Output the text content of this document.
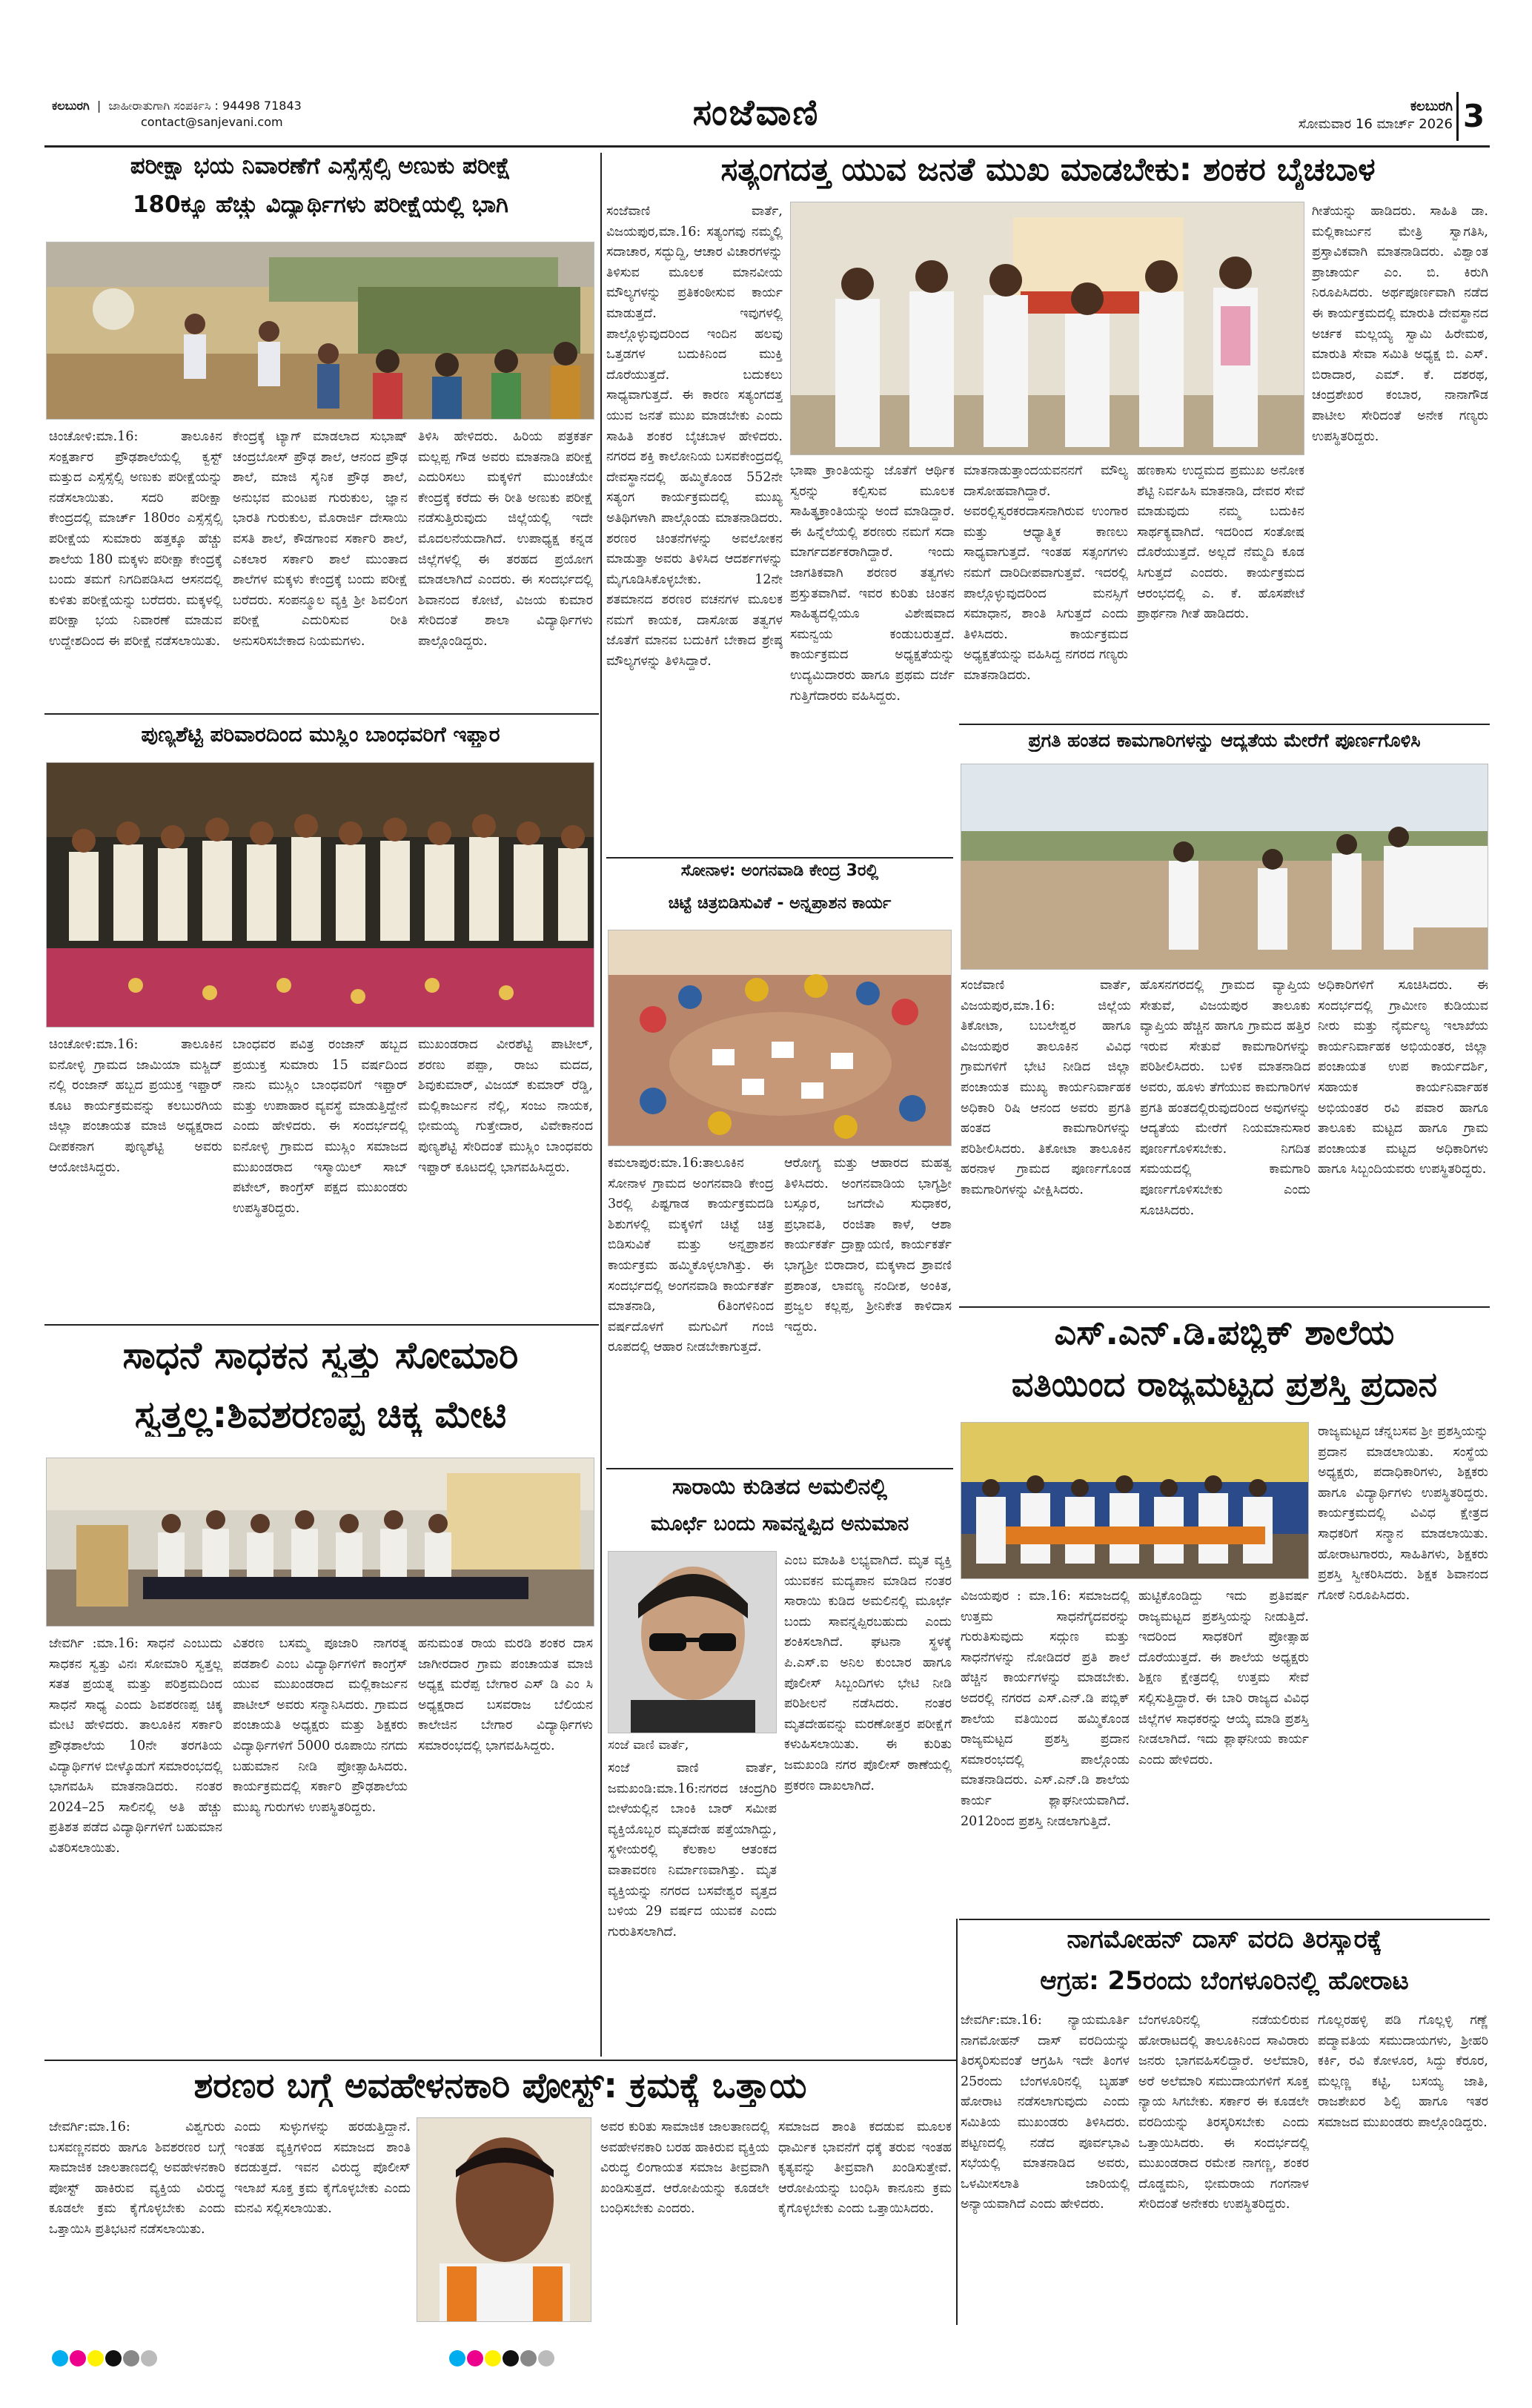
ಕಲಬುರಗಿ  |  ಜಾಹೀರಾತುಗಾಗಿ ಸಂಪರ್ಕಿಸಿ : 94498 71843
contact@sanjevani.com	ಸಂಜೆವಾಣಿ	ಕಲಬುರಗಿ
ಸೋಮವಾರ 16 ಮಾರ್ಚ್ 2026 3
ಪರೀಕ್ಷಾ ಭಯ ನಿವಾರಣೆಗೆ ಎಸ್ಸೆಸ್ಸೆಲ್ಸಿ ಅಣುಕು ಪರೀಕ್ಷೆ
180ಕ್ಕೂ ಹೆಚ್ಚು ವಿದ್ಯಾರ್ಥಿಗಳು ಪರೀಕ್ಷೆಯಲ್ಲಿ ಭಾಗಿ
ಚಿಂಚೋಳಿ:ಮಾ.16: ತಾಲೂಕಿನ ಸಂಕ್ಷರ್ತಾರ ಪ್ರೌಢಶಾಲೆಯಲ್ಲಿ ಕ್ವಸ್ಟ್ ಮತ್ತುದ ಎಸ್ಸೆಸ್ಸೆಲ್ಸಿ ಅಣುಕು ಪರೀಕ್ಷೆಯನ್ನು ನಡೆಸಲಾಯಿತು. ಸದರಿ ಪರೀಕ್ಷಾ ಕೇಂದ್ರದಲ್ಲಿ ಮಾರ್ಚ್ 180ರಂ ಎಸ್ಸೆಸ್ಸೆಲ್ಸಿ ಪರೀಕ್ಷೆಯ ಸುಮಾರು ಹತ್ತಕ್ಕೂ ಹೆಚ್ಚು ಶಾಲೆಯ 180 ಮಕ್ಕಳು ಪರೀಕ್ಷಾ ಕೇಂದ್ರಕ್ಕೆ ಬಂದು ತಮಗೆ ನಿಗದಿಪಡಿಸಿದ ಆಸನದಲ್ಲಿ ಕುಳಿತು ಪರೀಕ್ಷೆಯನ್ನು ಬರೆದರು. ಮಕ್ಕಳಲ್ಲಿ ಪರೀಕ್ಷಾ ಭಯ ನಿವಾರಣೆ ಮಾಡುವ ಉದ್ದೇಶದಿಂದ ಈ ಪರೀಕ್ಷೆ ನಡೆಸಲಾಯಿತು.
ಕೇಂದ್ರಕ್ಕೆ ಟ್ಯಾಗ್ ಮಾಡಲಾದ ಸುಭಾಷ್ ಚಂದ್ರಬೋಸ್ ಪ್ರೌಢ ಶಾಲೆ, ಆನಂದ ಪ್ರೌಢ ಶಾಲೆ, ಮಾಜಿ ಸೈನಿಕ ಪ್ರೌಢ ಶಾಲೆ, ಅನುಭವ ಮಂಟಪ ಗುರುಕುಲ, ಜ್ಞಾನ ಭಾರತಿ ಗುರುಕುಲ, ಮೊರಾರ್ಜಿ ದೇಸಾಯಿ ವಸತಿ ಶಾಲೆ, ಕೌಡಗಾಂವ ಸರ್ಕಾರಿ ಶಾಲೆ, ಎಕಲಾರ ಸರ್ಕಾರಿ ಶಾಲೆ ಮುಂತಾದ ಶಾಲೆಗಳ ಮಕ್ಕಳು ಕೇಂದ್ರಕ್ಕೆ ಬಂದು ಪರೀಕ್ಷೆ ಬರೆದರು. ಸಂಪನ್ಮೂಲ ವ್ಯಕ್ತಿ ಶ್ರೀ ಶಿವಲಿಂಗ ಪರೀಕ್ಷೆ ಎದುರಿಸುವ ರೀತಿ ಅನುಸರಿಸಬೇಕಾದ ನಿಯಮಗಳು.
ತಿಳಿಸಿ ಹೇಳಿದರು. ಹಿರಿಯ ಪತ್ರಕರ್ತ ಮಲ್ಲಪ್ಪ ಗೌಡ ಅವರು ಮಾತನಾಡಿ ಪರೀಕ್ಷೆ ಎದುರಿಸಲು ಮಕ್ಕಳಿಗೆ ಮುಂಚೆಯೇ ಕೇಂದ್ರಕ್ಕೆ ಕರೆದು ಈ ರೀತಿ ಅಣುಕು ಪರೀಕ್ಷೆ ನಡೆಸುತ್ತಿರುವುದು ಜಿಲ್ಲೆಯಲ್ಲಿ ಇದೇ ಮೊದಲನೆಯದಾಗಿದೆ. ಉಪಾಧ್ಯಕ್ಷ ಕನ್ನಡ ಜಿಲ್ಲೆಗಳಲ್ಲಿ ಈ ತರಹದ ಪ್ರಯೋಗ ಮಾಡಲಾಗಿದೆ ಎಂದರು. ಈ ಸಂದರ್ಭದಲ್ಲಿ ಶಿವಾನಂದ ಕೋಟೆ, ವಿಜಯ ಕುಮಾರ ಸೇರಿದಂತೆ ಶಾಲಾ ವಿದ್ಯಾರ್ಥಿಗಳು ಪಾಲ್ಗೊಂಡಿದ್ದರು.
ಪುಣ್ಯಶೆಟ್ಟಿ ಪರಿವಾರದಿಂದ ಮುಸ್ಲಿಂ ಬಾಂಧವರಿಗೆ ಇಫ್ತಾರ
ಚಿಂಚೋಳಿ:ಮಾ.16: ತಾಲೂಕಿನ ಐನೋಳ್ಳಿ ಗ್ರಾಮದ ಜಾಮಿಯಾ ಮಸ್ಜಿದ್ ನಲ್ಲಿ ರಂಜಾನ್ ಹಬ್ಬದ ಪ್ರಯುಕ್ತ ಇಫ್ತಾರ್ ಕೂಟ ಕಾರ್ಯಕ್ರಮವನ್ನು ಕಲಬುರಗಿಯ ಜಿಲ್ಲಾ ಪಂಚಾಯತ ಮಾಜಿ ಅಧ್ಯಕ್ಷರಾದ ದೀಪಕನಾಗ ಪುಣ್ಯಶೆಟ್ಟಿ ಅವರು ಆಯೋಜಿಸಿದ್ದರು.
ಬಾಂಧವರ ಪವಿತ್ರ ರಂಜಾನ್ ಹಬ್ಬದ ಪ್ರಯುಕ್ತ ಸುಮಾರು 15 ವರ್ಷದಿಂದ ನಾನು ಮುಸ್ಲಿಂ ಬಾಂಧವರಿಗೆ ಇಫ್ತಾರ್ ಮತ್ತು ಉಪಾಹಾರ ವ್ಯವಸ್ಥೆ ಮಾಡುತ್ತಿದ್ದೇನೆ ಎಂದು ಹೇಳಿದರು. ಈ ಸಂದರ್ಭದಲ್ಲಿ ಐನೋಳ್ಳಿ ಗ್ರಾಮದ ಮುಸ್ಲಿಂ ಸಮಾಜದ ಮುಖಂಡರಾದ ಇಸ್ಮಾಯಿಲ್ ಸಾಬ್ ಪಟೇಲ್, ಕಾಂಗ್ರೆಸ್ ಪಕ್ಷದ ಮುಖಂಡರು ಉಪಸ್ಥಿತರಿದ್ದರು.
ಮುಖಂಡರಾದ ವೀರಶೆಟ್ಟಿ ಪಾಟೀಲ್, ಶರಣು ಪಪ್ಪಾ, ರಾಜು ಮದದ, ಶಿವುಕುಮಾರ್, ವಿಜಯ್ ಕುಮಾರ್ ರೆಡ್ಡಿ, ಮಲ್ಲಿಕಾರ್ಜುನ ನೆಲ್ಲಿ, ಸಂಜು ನಾಯಕ, ಭೀಮಯ್ಯ ಗುತ್ತೇದಾರ, ವಿವೇಕಾನಂದ ಪುಣ್ಯಶೆಟ್ಟಿ ಸೇರಿದಂತೆ ಮುಸ್ಲಿಂ ಬಾಂಧವರು ಇಫ್ತಾರ್ ಕೂಟದಲ್ಲಿ ಭಾಗವಹಿಸಿದ್ದರು.
ಸಾಧನೆ ಸಾಧಕನ ಸ್ವತ್ತು ಸೋಮಾರಿ
ಸ್ವತ್ತಲ್ಲ:ಶಿವಶರಣಪ್ಪ ಚಿಕ್ಕ ಮೇಟಿ
ಜೇವರ್ಗಿ :ಮಾ.16: ಸಾಧನೆ ಎಂಬುದು ಸಾಧಕನ ಸ್ವತ್ತು ವಿನಃ ಸೋಮಾರಿ ಸ್ವತ್ತಲ್ಲ ಸತತ ಪ್ರಯತ್ನ ಮತ್ತು ಪರಿಶ್ರಮದಿಂದ ಸಾಧನೆ ಸಾಧ್ಯ ಎಂದು ಶಿವಶರಣಪ್ಪ ಚಿಕ್ಕ ಮೇಟಿ ಹೇಳಿದರು. ತಾಲೂಕಿನ ಸರ್ಕಾರಿ ಪ್ರೌಢಶಾಲೆಯ 10ನೇ ತರಗತಿಯ ವಿದ್ಯಾರ್ಥಿಗಳ ಬೀಳ್ಕೊಡುಗೆ ಸಮಾರಂಭದಲ್ಲಿ ಭಾಗವಹಿಸಿ ಮಾತನಾಡಿದರು. ನಂತರ 2024–25 ಸಾಲಿನಲ್ಲಿ ಅತಿ ಹೆಚ್ಚು ಪ್ರತಿಶತ ಪಡೆದ ವಿದ್ಯಾರ್ಥಿಗಳಿಗೆ ಬಹುಮಾನ ವಿತರಿಸಲಾಯಿತು.
ವಿತರಣ ಬಸಮ್ಮ ಪೂಜಾರಿ ನಾಗರತ್ನ ಪಡಶಾಲಿ ಎಂಬ ವಿದ್ಯಾರ್ಥಿಗಳಿಗೆ ಕಾಂಗ್ರೆಸ್ ಯುವ ಮುಖಂಡರಾದ ಮಲ್ಲಿಕಾರ್ಜುನ ಪಾಟೀಲ್ ಅವರು ಸನ್ಮಾನಿಸಿದರು. ಗ್ರಾಮದ ಪಂಚಾಯತಿ ಅಧ್ಯಕ್ಷರು ಮತ್ತು ಶಿಕ್ಷಕರು ವಿದ್ಯಾರ್ಥಿಗಳಿಗೆ 5000 ರೂಪಾಯಿ ನಗದು ಬಹುಮಾನ ನೀಡಿ ಪ್ರೋತ್ಸಾಹಿಸಿದರು. ಕಾರ್ಯಕ್ರಮದಲ್ಲಿ ಸರ್ಕಾರಿ ಪ್ರೌಢಶಾಲೆಯ ಮುಖ್ಯ ಗುರುಗಳು ಉಪಸ್ಥಿತರಿದ್ದರು.
ಹನುಮಂತ ರಾಯ ಮರಡಿ ಶಂಕರ ದಾಸ ಜಾಗೀರದಾರ ಗ್ರಾಮ ಪಂಚಾಯತ ಮಾಜಿ ಅಧ್ಯಕ್ಷ ಮರೆಪ್ಪ ಬೇಗಾರ ಎಸ್ ಡಿ ಎಂ ಸಿ ಅಧ್ಯಕ್ಷರಾದ ಬಸವರಾಜ ಬೆಲಿಯನ ಕಾಲೇಜಿನ ಬೇಗಾರ ವಿದ್ಯಾರ್ಥಿಗಳು ಸಮಾರಂಭದಲ್ಲಿ ಭಾಗವಹಿಸಿದ್ದರು.
ಸತ್ಯಂಗದತ್ತ ಯುವ ಜನತೆ ಮುಖ ಮಾಡಬೇಕು: ಶಂಕರ ಬೈಚಬಾಳ
ಸಂಜೆವಾಣಿ ವಾರ್ತೆ, ವಿಜಯಪುರ,ಮಾ.16: ಸತ್ಯಂಗವು ನಮ್ಮಲ್ಲಿ ಸದಾಚಾರ, ಸದ್ಭುದ್ದಿ, ಆಚಾರ ವಿಚಾರಗಳನ್ನು ತಿಳಿಸುವ ಮೂಲಕ ಮಾನವೀಯ ಮೌಲ್ಯಗಳನ್ನು ಪ್ರತಿಕಂಠೀಸುವ ಕಾರ್ಯ ಮಾಡುತ್ತದೆ. ಇವುಗಳಲ್ಲಿ ಪಾಲ್ಗೊಳ್ಳುವುದರಿಂದ ಇಂದಿನ ಹಲವು ಒತ್ತಡಗಳ ಬದುಕಿನಿಂದ ಮುಕ್ತಿ ದೊರೆಯುತ್ತದೆ. ಬದುಕಲು ಸಾಧ್ಯವಾಗುತ್ತದೆ. ಈ ಕಾರಣ ಸತ್ಯಂಗದತ್ತ ಯುವ ಜನತೆ ಮುಖ ಮಾಡಬೇಕು ಎಂದು ಸಾಹಿತಿ ಶಂಕರ ಬೈಚಬಾಳ ಹೇಳಿದರು. ನಗರದ ಶಕ್ತಿ ಕಾಲೋನಿಯ ಬಸವಕೇಂದ್ರದಲ್ಲಿ ದೇವಸ್ಥಾನದಲ್ಲಿ ಹಮ್ಮಿಕೊಂಡ 552ನೇ ಸತ್ಯಂಗ ಕಾರ್ಯಕ್ರಮದಲ್ಲಿ ಮುಖ್ಯ ಅತಿಥಿಗಳಾಗಿ ಪಾಲ್ಗೊಂಡು ಮಾತನಾಡಿದರು. ಶರಣರ ಚಿಂತನೆಗಳನ್ನು ಅವಲೋಕನ ಮಾಡುತ್ತಾ ಅವರು ತಿಳಿಸಿದ ಆದರ್ಶಗಳನ್ನು ಮೈಗೂಡಿಸಿಕೊಳ್ಳಬೇಕು. 12ನೇ ಶತಮಾನದ ಶರಣರ ವಚನಗಳ ಮೂಲಕ ನಮಗೆ ಕಾಯಕ, ದಾಸೋಹ ತತ್ವಗಳ ಜೊತೆಗೆ ಮಾನವ ಬದುಕಿಗೆ ಬೇಕಾದ ಶ್ರೇಷ್ಠ ಮೌಲ್ಯಗಳನ್ನು ತಿಳಿಸಿದ್ದಾರೆ.
ಭಾಷಾ ಕ್ರಾಂತಿಯನ್ನು ಜೊತೆಗೆ ಆರ್ಥಿಕ ಸ್ವರನ್ನು ಕಲ್ಪಿಸುವ ಮೂಲಕ ಸಾಹಿತ್ಯಕ್ರಾಂತಿಯನ್ನು ಅಂದೆ ಮಾಡಿದ್ದಾರೆ. ಈ ಹಿನ್ನೆಲೆಯಲ್ಲಿ ಶರಣರು ನಮಗೆ ಸದಾ ಮಾರ್ಗದರ್ಶಕರಾಗಿದ್ದಾರೆ. ಇಂದು ಜಾಗತಿಕವಾಗಿ ಶರಣರ ತತ್ವಗಳು ಪ್ರಸ್ತುತವಾಗಿವೆ. ಇವರ ಕುರಿತು ಚಿಂತನ ಸಾಹಿತ್ಯದಲ್ಲಿಯೂ ವಿಶೇಷವಾದ ಸಮನ್ವಯ ಕಂಡುಬರುತ್ತದೆ. ಕಾರ್ಯಕ್ರಮದ ಅಧ್ಯಕ್ಷತೆಯನ್ನು ಉದ್ಯಮಿದಾರರು ಹಾಗೂ ಪ್ರಥಮ ದರ್ಜೆ ಗುತ್ತಿಗೆದಾರರು ವಹಿಸಿದ್ದರು.
ಮಾತನಾಡುತ್ತಾಂದಯವನನಗೆ ಮೌಲ್ಯ ದಾಸೋಹವಾಗಿದ್ದಾರೆ. ಅವರಲ್ಲಿಸ್ವರಕರದಾಸನಾಗಿರುವ ಉಂಗಾರ ಮತ್ತು ಆಧ್ಯಾತ್ಮಿಕ ಕಾಣಲು ಸಾಧ್ಯವಾಗುತ್ತದೆ. ಇಂತಹ ಸತ್ಸಂಗಗಳು ನಮಗೆ ದಾರಿದೀಪವಾಗುತ್ತವೆ. ಇದರಲ್ಲಿ ಪಾಲ್ಗೊಳ್ಳುವುದರಿಂದ ಮನಸ್ಸಿಗೆ ಸಮಾಧಾನ, ಶಾಂತಿ ಸಿಗುತ್ತದೆ ಎಂದು ತಿಳಿಸಿದರು. ಕಾರ್ಯಕ್ರಮದ ಅಧ್ಯಕ್ಷತೆಯನ್ನು ವಹಿಸಿದ್ದ ನಗರದ ಗಣ್ಯರು ಮಾತನಾಡಿದರು.
ಹಣಕಾಸು ಉದ್ದಮದ ಪ್ರಮುಖ ಅನೋಕ ಶೆಟ್ಟಿ ನಿರ್ವಹಿಸಿ ಮಾತನಾಡಿ, ದೇವರ ಸೇವೆ ಮಾಡುವುದು ನಮ್ಮ ಬದುಕಿನ ಸಾರ್ಥಕ್ಯವಾಗಿದೆ. ಇದರಿಂದ ಸಂತೋಷ ದೊರೆಯುತ್ತದೆ. ಅಲ್ಲದೆ ನೆಮ್ಮದಿ ಕೂಡ ಸಿಗುತ್ತದೆ ಎಂದರು. ಕಾರ್ಯಕ್ರಮದ ಆರಂಭದಲ್ಲಿ ಎ. ಕೆ. ಹೊಸಪೇಟೆ ಪ್ರಾರ್ಥನಾ ಗೀತೆ ಹಾಡಿದರು.
ಗೀತೆಯನ್ನು ಹಾಡಿದರು. ಸಾಹಿತಿ ಡಾ. ಮಲ್ಲಿಕಾರ್ಜುನ ಮೇತ್ರಿ ಸ್ವಾಗತಿಸಿ, ಪ್ರಸ್ತಾವಿಕವಾಗಿ ಮಾತನಾಡಿದರು. ವಿಶ್ವಾಂತ ಪ್ರಾಚಾರ್ಯ ಎಂ. ಬಿ. ಕಿರುಗಿ ನಿರೂಪಿಸಿದರು. ಅರ್ಥಪೂರ್ಣವಾಗಿ ನಡೆದ ಈ ಕಾರ್ಯಕ್ರಮದಲ್ಲಿ ಮಾರುತಿ ದೇವಸ್ಥಾನದ ಅರ್ಚಕ ಮಲ್ಲಯ್ಯ ಸ್ವಾಮಿ ಹಿರೇಮಠ, ಮಾರುತಿ ಸೇವಾ ಸಮಿತಿ ಅಧ್ಯಕ್ಷ ಬಿ. ಎಸ್. ಬಿರಾದಾರ, ಎಮ್. ಕೆ. ದಶರಥ, ಚಂದ್ರಶೇಖರ ಕಂಬಾರ, ನಾನಾಗೌಡ ಪಾಟೀಲ ಸೇರಿದಂತೆ ಅನೇಕ ಗಣ್ಯರು ಉಪಸ್ಥಿತರಿದ್ದರು.
ಪ್ರಗತಿ ಹಂತದ ಕಾಮಗಾರಿಗಳನ್ನು ಆದ್ಯತೆಯ ಮೇರೆಗೆ ಪೂರ್ಣಗೊಳಿಸಿ
ಸಂಜೆವಾಣಿ ವಾರ್ತೆ, ವಿಜಯಪುರ,ಮಾ.16: ಜಿಲ್ಲೆಯ ತಿಕೋಟಾ, ಬಬಲೇಶ್ವರ ಹಾಗೂ ವಿಜಯಪುರ ತಾಲೂಕಿನ ವಿವಿಧ ಗ್ರಾಮಗಳಿಗೆ ಭೇಟಿ ನೀಡಿದ ಜಿಲ್ಲಾ ಪಂಚಾಯತ ಮುಖ್ಯ ಕಾರ್ಯನಿರ್ವಾಹಕ ಅಧಿಕಾರಿ ರಿಷಿ ಆನಂದ ಅವರು ಪ್ರಗತಿ ಹಂತದ ಕಾಮಗಾರಿಗಳನ್ನು ಪರಿಶೀಲಿಸಿದರು. ತಿಕೋಟಾ ತಾಲೂಕಿನ ಹರನಾಳ ಗ್ರಾಮದ ಪೂರ್ಣಗೊಂಡ ಕಾಮಗಾರಿಗಳನ್ನು ವೀಕ್ಷಿಸಿದರು.
ಹೊಸನಗರದಲ್ಲಿ ಗ್ರಾಮದ ವ್ಯಾಪ್ತಿಯ ಸೇತುವೆ, ವಿಜಯಪುರ ತಾಲೂಕು ವ್ಯಾಪ್ತಿಯ ಹೆಚ್ಚಿನ ಹಾಗೂ ಗ್ರಾಮದ ಹತ್ತಿರ ಇರುವ ಸೇತುವೆ ಕಾಮಗಾರಿಗಳನ್ನು ಪರಿಶೀಲಿಸಿದರು. ಬಳಿಕ ಮಾತನಾಡಿದ ಅವರು, ಹೂಳು ತೆಗೆಯುವ ಕಾಮಗಾರಿಗಳ ಪ್ರಗತಿ ಹಂತದಲ್ಲಿರುವುದರಿಂದ ಅವುಗಳನ್ನು ಆದ್ಯತೆಯ ಮೇರೆಗೆ ನಿಯಮಾನುಸಾರ ಪೂರ್ಣಗೊಳಿಸಬೇಕು. ನಿಗದಿತ ಸಮಯದಲ್ಲಿ ಕಾಮಗಾರಿ ಪೂರ್ಣಗೊಳಿಸಬೇಕು ಎಂದು ಸೂಚಿಸಿದರು.
ಅಧಿಕಾರಿಗಳಿಗೆ ಸೂಚಿಸಿದರು. ಈ ಸಂದರ್ಭದಲ್ಲಿ ಗ್ರಾಮೀಣ ಕುಡಿಯುವ ನೀರು ಮತ್ತು ನೈರ್ಮಲ್ಯ ಇಲಾಖೆಯ ಕಾರ್ಯನಿರ್ವಾಹಕ ಅಭಿಯಂತರ, ಜಿಲ್ಲಾ ಪಂಚಾಯತ ಉಪ ಕಾರ್ಯದರ್ಶಿ, ಸಹಾಯಕ ಕಾರ್ಯನಿರ್ವಾಹಕ ಅಭಿಯಂತರ ರವಿ ಪವಾರ ಹಾಗೂ ತಾಲೂಕು ಮಟ್ಟದ ಹಾಗೂ ಗ್ರಾಮ ಪಂಚಾಯತ ಮಟ್ಟದ ಅಧಿಕಾರಿಗಳು ಹಾಗೂ ಸಿಬ್ಬಂದಿಯವರು ಉಪಸ್ಥಿತರಿದ್ದರು.
ಸೋನಾಳ: ಅಂಗನವಾಡಿ ಕೇಂದ್ರ 3ರಲ್ಲಿ
ಚಿಟ್ಟೆ ಚಿತ್ರಬಿಡಿಸುವಿಕೆ - ಅನ್ನಪ್ರಾಶನ ಕಾರ್ಯ
ಕಮಲಾಪುರ:ಮಾ.16:ತಾಲೂಕಿನ ಸೋನಾಳ ಗ್ರಾಮದ ಅಂಗನವಾಡಿ ಕೇಂದ್ರ 3ರಲ್ಲಿ ಪಿಷ್ಟಗಾಡ ಕಾರ್ಯಕ್ರಮದಡಿ ಶಿಶುಗಳಲ್ಲಿ ಮಕ್ಕಳಿಗೆ ಚಿಟ್ಟೆ ಚಿತ್ರ ಬಿಡಿಸುವಿಕೆ ಮತ್ತು ಅನ್ನಪ್ರಾಶನ ಕಾರ್ಯಕ್ರಮ ಹಮ್ಮಿಕೊಳ್ಳಲಾಗಿತ್ತು. ಈ ಸಂದರ್ಭದಲ್ಲಿ ಅಂಗನವಾಡಿ ಕಾರ್ಯಕರ್ತೆ ಮಾತನಾಡಿ, 6ತಿಂಗಳಿನಿಂದ ವರ್ಷದೊಳಗೆ ಮಗುವಿಗೆ ಗಂಜಿ ರೂಪದಲ್ಲಿ ಆಹಾರ ನೀಡಬೇಕಾಗುತ್ತದೆ.
ಆರೋಗ್ಯ ಮತ್ತು ಆಹಾರದ ಮಹತ್ವ ತಿಳಿಸಿದರು. ಅಂಗನವಾಡಿಯ ಭಾಗ್ಯಶ್ರೀ ಬಸ್ಸೂರ, ಜಗದೇವಿ ಸುಧಾಕರ, ಪ್ರಭಾವತಿ, ರಂಜಿತಾ ಕಾಳೆ, ಆಶಾ ಕಾರ್ಯಕರ್ತೆ ದ್ರಾಕ್ಷಾಯಣಿ, ಕಾರ್ಯಕರ್ತೆ ಭಾಗ್ಯಶ್ರೀ ಬಿರಾದಾರ, ಮಕ್ಕಳಾದ ಶ್ರಾವಣಿ ಪ್ರಶಾಂತ, ಲಾವಣ್ಯ ನಂದೀಶ, ಅಂಕಿತ, ಪ್ರಜ್ವಲ ಕಲ್ಲಪ್ಪ, ಶ್ರೀನಿಕೇತ ಕಾಳಿದಾಸ ಇದ್ದರು.	ಎಸ್.ಎನ್.ಡಿ.ಪಬ್ಲಿಕ್ ಶಾಲೆಯ
ವತಿಯಿಂದ ರಾಜ್ಯಮಟ್ಟದ ಪ್ರಶಸ್ತಿ ಪ್ರದಾನ
ವಿಜಯಪುರ : ಮಾ.16: ಸಮಾಜದಲ್ಲಿ ಉತ್ತಮ ಸಾಧನೆಗೈದವರನ್ನು ಗುರುತಿಸುವುದು ಸದ್ಗುಣ ಮತ್ತು ಸಾಧನೆಗಳನ್ನು ನೋಡಿದರೆ ಪ್ರತಿ ಶಾಲೆ ಹೆಚ್ಚಿನ ಕಾರ್ಯಗಳನ್ನು ಮಾಡಬೇಕು. ಅದರಲ್ಲಿ ನಗರದ ಎಸ್.ಎನ್.ಡಿ ಪಬ್ಲಿಕ್ ಶಾಲೆಯ ವತಿಯಿಂದ ಹಮ್ಮಿಕೊಂಡ ರಾಜ್ಯಮಟ್ಟದ ಪ್ರಶಸ್ತಿ ಪ್ರದಾನ ಸಮಾರಂಭದಲ್ಲಿ ಪಾಲ್ಗೊಂಡು ಮಾತನಾಡಿದರು. ಎಸ್.ಎನ್.ಡಿ ಶಾಲೆಯ ಕಾರ್ಯ ಶ್ಲಾಘನೀಯವಾಗಿದೆ. 2012ರಿಂದ ಪ್ರಶಸ್ತಿ ನೀಡಲಾಗುತ್ತಿದೆ.
ಹುಟ್ಟಿಕೊಂಡಿದ್ದು ಇದು ಪ್ರತಿವರ್ಷ ರಾಜ್ಯಮಟ್ಟದ ಪ್ರಶಸ್ತಿಯನ್ನು ನೀಡುತ್ತಿದೆ. ಇದರಿಂದ ಸಾಧಕರಿಗೆ ಪ್ರೋತ್ಸಾಹ ದೊರೆಯುತ್ತದೆ. ಈ ಶಾಲೆಯ ಅಧ್ಯಕ್ಷರು ಶಿಕ್ಷಣ ಕ್ಷೇತ್ರದಲ್ಲಿ ಉತ್ತಮ ಸೇವೆ ಸಲ್ಲಿಸುತ್ತಿದ್ದಾರೆ. ಈ ಬಾರಿ ರಾಜ್ಯದ ವಿವಿಧ ಜಿಲ್ಲೆಗಳ ಸಾಧಕರನ್ನು ಆಯ್ಕೆ ಮಾಡಿ ಪ್ರಶಸ್ತಿ ನೀಡಲಾಗಿದೆ. ಇದು ಶ್ಲಾಘನೀಯ ಕಾರ್ಯ ಎಂದು ಹೇಳಿದರು.
ರಾಜ್ಯಮಟ್ಟದ ಚೆನ್ನಬಸವ ಶ್ರೀ ಪ್ರಶಸ್ತಿಯನ್ನು ಪ್ರದಾನ ಮಾಡಲಾಯಿತು. ಸಂಸ್ಥೆಯ ಅಧ್ಯಕ್ಷರು, ಪದಾಧಿಕಾರಿಗಳು, ಶಿಕ್ಷಕರು ಹಾಗೂ ವಿದ್ಯಾರ್ಥಿಗಳು ಉಪಸ್ಥಿತರಿದ್ದರು. ಕಾರ್ಯಕ್ರಮದಲ್ಲಿ ವಿವಿಧ ಕ್ಷೇತ್ರದ ಸಾಧಕರಿಗೆ ಸನ್ಮಾನ ಮಾಡಲಾಯಿತು. ಹೋರಾಟಗಾರರು, ಸಾಹಿತಿಗಳು, ಶಿಕ್ಷಕರು ಪ್ರಶಸ್ತಿ ಸ್ವೀಕರಿಸಿದರು. ಶಿಕ್ಷಕ ಶಿವಾನಂದ ಗೋಠೆ ನಿರೂಪಿಸಿದರು.
ಸಾರಾಯಿ ಕುಡಿತದ ಅಮಲಿನಲ್ಲಿ
ಮೂರ್ಛೆ ಬಂದು ಸಾವನ್ನಪ್ಪಿದ ಅನುಮಾನ
ಸಂಜೆ ವಾಣಿ ವಾರ್ತೆ,
ಸಂಜೆ ವಾಣಿ ವಾರ್ತೆ, ಜಮಖಂಡಿ:ಮಾ.16:ನಗರದ ಚಂದ್ರಗಿರಿ ಬೀಳೆಯಲ್ಲಿನ ಬಾಂಕಿ ಬಾರ್ ಸಮೀಪ ವ್ಯಕ್ತಿಯೊಬ್ಬರ ಮೃತದೇಹ ಪತ್ತೆಯಾಗಿದ್ದು, ಸ್ಥಳೀಯರಲ್ಲಿ ಕೆಲಕಾಲ ಆತಂಕದ ವಾತಾವರಣ ನಿರ್ಮಾಣವಾಗಿತ್ತು. ಮೃತ ವ್ಯಕ್ತಿಯನ್ನು ನಗರದ ಬಸವೇಶ್ವರ ವೃತ್ತದ ಬಳಿಯ 29 ವರ್ಷದ ಯುವಕ ಎಂದು ಗುರುತಿಸಲಾಗಿದೆ.
ಎಂಬ ಮಾಹಿತಿ ಲಭ್ಯವಾಗಿದೆ. ಮೃತ ವ್ಯಕ್ತಿ ಯುವಕನ ಮದ್ಯಪಾನ ಮಾಡಿದ ನಂತರ ಸಾರಾಯಿ ಕುಡಿದ ಅಮಲಿನಲ್ಲಿ ಮೂರ್ಛೆ ಬಂದು ಸಾವನ್ನಪ್ಪಿರಬಹುದು ಎಂದು ಶಂಕಿಸಲಾಗಿದೆ. ಘಟನಾ ಸ್ಥಳಕ್ಕೆ ಪಿ.ಎಸ್.ಐ ಅನಿಲ ಕುಂಬಾರ ಹಾಗೂ ಪೊಲೀಸ್ ಸಿಬ್ಬಂದಿಗಳು ಭೇಟಿ ನೀಡಿ ಪರಿಶೀಲನೆ ನಡೆಸಿದರು. ನಂತರ ಮೃತದೇಹವನ್ನು ಮರಣೋತ್ತರ ಪರೀಕ್ಷೆಗೆ ಕಳುಹಿಸಲಾಯಿತು. ಈ ಕುರಿತು ಜಮಖಂಡಿ ನಗರ ಪೊಲೀಸ್ ಠಾಣೆಯಲ್ಲಿ ಪ್ರಕರಣ ದಾಖಲಾಗಿದೆ.
ನಾಗಮೋಹನ್ ದಾಸ್ ವರದಿ ತಿರಸ್ಕಾರಕ್ಕೆ
ಆಗ್ರಹ: 25ರಂದು ಬೆಂಗಳೂರಿನಲ್ಲಿ ಹೋರಾಟ
ಜೇವರ್ಗಿ:ಮಾ.16: ನ್ಯಾಯಮೂರ್ತಿ ನಾಗಮೋಹನ್ ದಾಸ್ ವರದಿಯನ್ನು ತಿರಸ್ಕರಿಸುವಂತೆ ಆಗ್ರಹಿಸಿ ಇದೇ ತಿಂಗಳ 25ರಂದು ಬೆಂಗಳೂರಿನಲ್ಲಿ ಬೃಹತ್ ಹೋರಾಟ ನಡೆಸಲಾಗುವುದು ಎಂದು ಸಮಿತಿಯ ಮುಖಂಡರು ತಿಳಿಸಿದರು. ಪಟ್ಟಣದಲ್ಲಿ ನಡೆದ ಪೂರ್ವಭಾವಿ ಸಭೆಯಲ್ಲಿ ಮಾತನಾಡಿದ ಅವರು, ಒಳಮೀಸಲಾತಿ ಜಾರಿಯಲ್ಲಿ ಅನ್ಯಾಯವಾಗಿದೆ ಎಂದು ಹೇಳಿದರು.
ಬೆಂಗಳೂರಿನಲ್ಲಿ ನಡೆಯಲಿರುವ ಹೋರಾಟದಲ್ಲಿ ತಾಲೂಕಿನಿಂದ ಸಾವಿರಾರು ಜನರು ಭಾಗವಹಿಸಲಿದ್ದಾರೆ. ಅಲೆಮಾರಿ, ಅರೆ ಅಲೆಮಾರಿ ಸಮುದಾಯಗಳಿಗೆ ಸೂಕ್ತ ನ್ಯಾಯ ಸಿಗಬೇಕು. ಸರ್ಕಾರ ಈ ಕೂಡಲೇ ವರದಿಯನ್ನು ತಿರಸ್ಕರಿಸಬೇಕು ಎಂದು ಒತ್ತಾಯಿಸಿದರು. ಈ ಸಂದರ್ಭದಲ್ಲಿ ಮುಖಂಡರಾದ ರಮೇಶ ನಾಗಣ್ಣ, ಶಂಕರ ದೊಡ್ಡಮನಿ, ಭೀಮರಾಯ ಗಂಗನಾಳ ಸೇರಿದಂತೆ ಅನೇಕರು ಉಪಸ್ಥಿತರಿದ್ದರು.
ಗೊಲ್ಲರಹಳ್ಳಿ ಪಡಿ ಗೊಲ್ಲಳ್ಳಿ ಗಣ್ಣೆ ಪದ್ಮಾವತಿಯ ಸಮುದಾಯಗಳು, ಶ್ರೀಹರಿ ಕರ್ಕಿ, ರವಿ ಕೋಳೂರ, ಸಿದ್ದು ಕೆರೂರ, ಮಲ್ಲಣ್ಣ ಕಟ್ಟಿ, ಬಸಯ್ಯ ಜಾತಿ, ರಾಜಶೇಖರ ಶಿಲ್ಪಿ ಹಾಗೂ ಇತರ ಸಮಾಜದ ಮುಖಂಡರು ಪಾಲ್ಗೊಂಡಿದ್ದರು.
ಶರಣರ ಬಗ್ಗೆ ಅವಹೇಳನಕಾರಿ ಪೋಸ್ಟ್: ಕ್ರಮಕ್ಕೆ ಒತ್ತಾಯ
ಜೇವರ್ಗಿ:ಮಾ.16: ವಿಶ್ವಗುರು ಬಸವಣ್ಣನವರು ಹಾಗೂ ಶಿವಶರಣರ ಬಗ್ಗೆ ಸಾಮಾಜಿಕ ಜಾಲತಾಣದಲ್ಲಿ ಅವಹೇಳನಕಾರಿ ಪೋಸ್ಟ್ ಹಾಕಿರುವ ವ್ಯಕ್ತಿಯ ವಿರುದ್ಧ ಕೂಡಲೇ ಕ್ರಮ ಕೈಗೊಳ್ಳಬೇಕು ಎಂದು ಒತ್ತಾಯಿಸಿ ಪ್ರತಿಭಟನೆ ನಡೆಸಲಾಯಿತು.
ಎಂದು ಸುಳ್ಳುಗಳನ್ನು ಹರಡುತ್ತಿದ್ದಾನೆ. ಇಂತಹ ವ್ಯಕ್ತಿಗಳಿಂದ ಸಮಾಜದ ಶಾಂತಿ ಕದಡುತ್ತದೆ. ಇವನ ವಿರುದ್ಧ ಪೊಲೀಸ್ ಇಲಾಖೆ ಸೂಕ್ತ ಕ್ರಮ ಕೈಗೊಳ್ಳಬೇಕು ಎಂದು ಮನವಿ ಸಲ್ಲಿಸಲಾಯಿತು.
ಅವರ ಕುರಿತು ಸಾಮಾಜಿಕ ಜಾಲತಾಣದಲ್ಲಿ ಅವಹೇಳನಕಾರಿ ಬರಹ ಹಾಕಿರುವ ವ್ಯಕ್ತಿಯ ವಿರುದ್ಧ ಲಿಂಗಾಯತ ಸಮಾಜ ತೀವ್ರವಾಗಿ ಖಂಡಿಸುತ್ತದೆ. ಆರೋಪಿಯನ್ನು ಕೂಡಲೇ ಬಂಧಿಸಬೇಕು ಎಂದರು.
ಸಮಾಜದ ಶಾಂತಿ ಕದಡುವ ಮೂಲಕ ಧಾರ್ಮಿಕ ಭಾವನೆಗೆ ಧಕ್ಕೆ ತರುವ ಇಂತಹ ಕೃತ್ಯವನ್ನು ತೀವ್ರವಾಗಿ ಖಂಡಿಸುತ್ತೇವೆ. ಆರೋಪಿಯನ್ನು ಬಂಧಿಸಿ ಕಾನೂನು ಕ್ರಮ ಕೈಗೊಳ್ಳಬೇಕು ಎಂದು ಒತ್ತಾಯಿಸಿದರು.
